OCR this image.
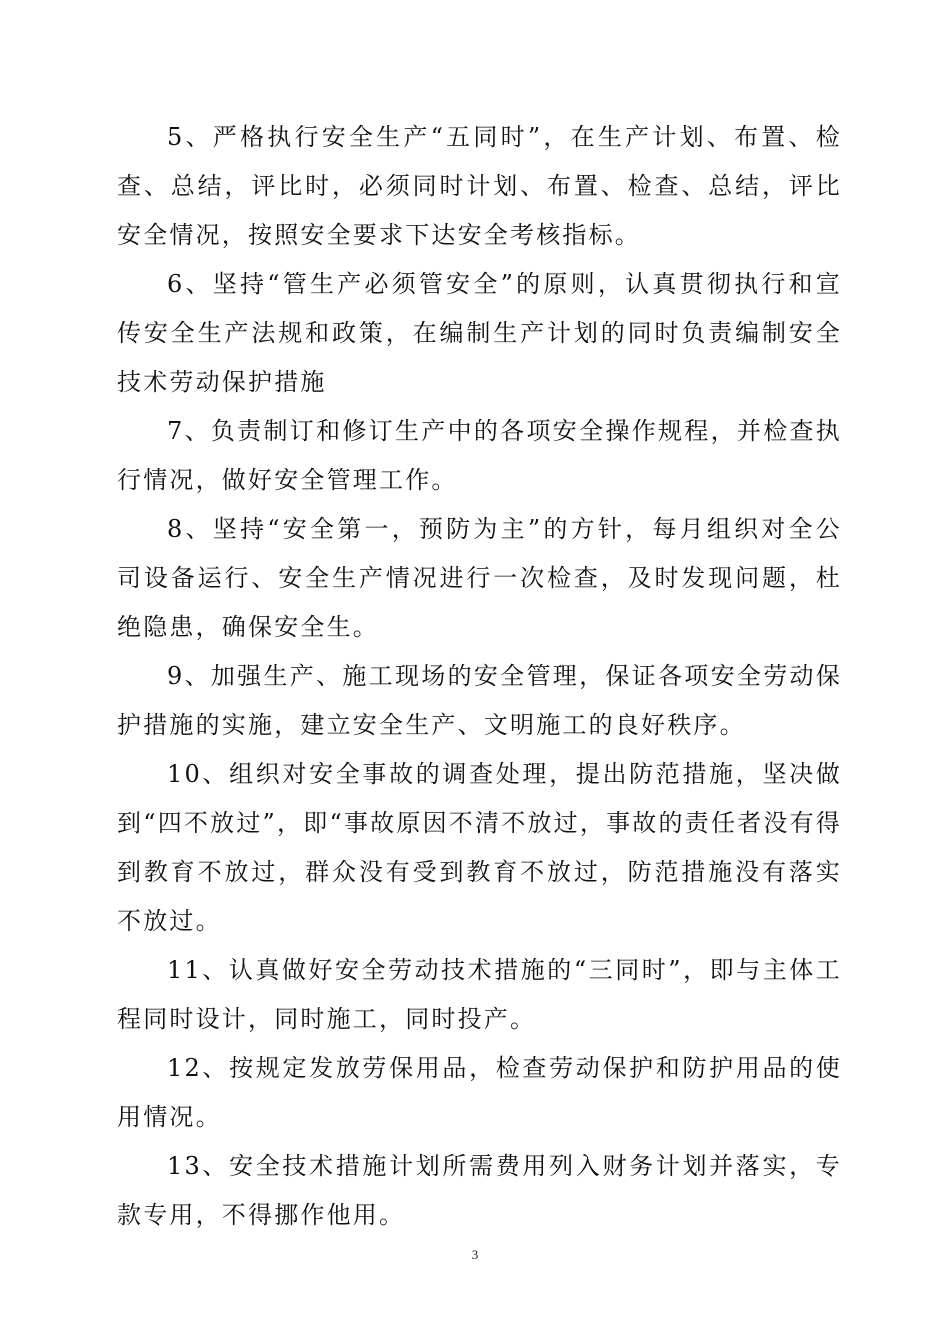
5、严格执行安全生产“五同时”，在生产计划、布置、检查、总结，评比时，必须同时计划、布置、检查、总结，评比安全情况，按照安全要求下达安全考核指标。

6、坚持“管生产必须管安全”的原则，认真贯彻执行和宣传安全生产法规和政策，在编制生产计划的同时负责编制安全技术劳动保护措施

7、负责制订和修订生产中的各项安全操作规程，并检查执行情况，做好安全管理工作。

8、坚持“安全第一，预防为主”的方针，每月组织对全公司设备运行、安全生产情况进行一次检查，及时发现问题，杜绝隐患，确保安全生。

9、加强生产、施工现场的安全管理，保证各项安全劳动保护措施的实施，建立安全生产、文明施工的良好秩序。

10、组织对安全事故的调查处理，提出防范措施，坚决做到“四不放过”，即“事故原因不清不放过，事故的责任者没有得到教育不放过，群众没有受到教育不放过，防范措施没有落实不放过。

11、认真做好安全劳动技术措施的“三同时”，即与主体工程同时设计，同时施工，同时投产。

12、按规定发放劳保用品，检查劳动保护和防护用品的使用情况。

13、安全技术措施计划所需费用列入财务计划并落实，专款专用，不得挪作他用。

3
